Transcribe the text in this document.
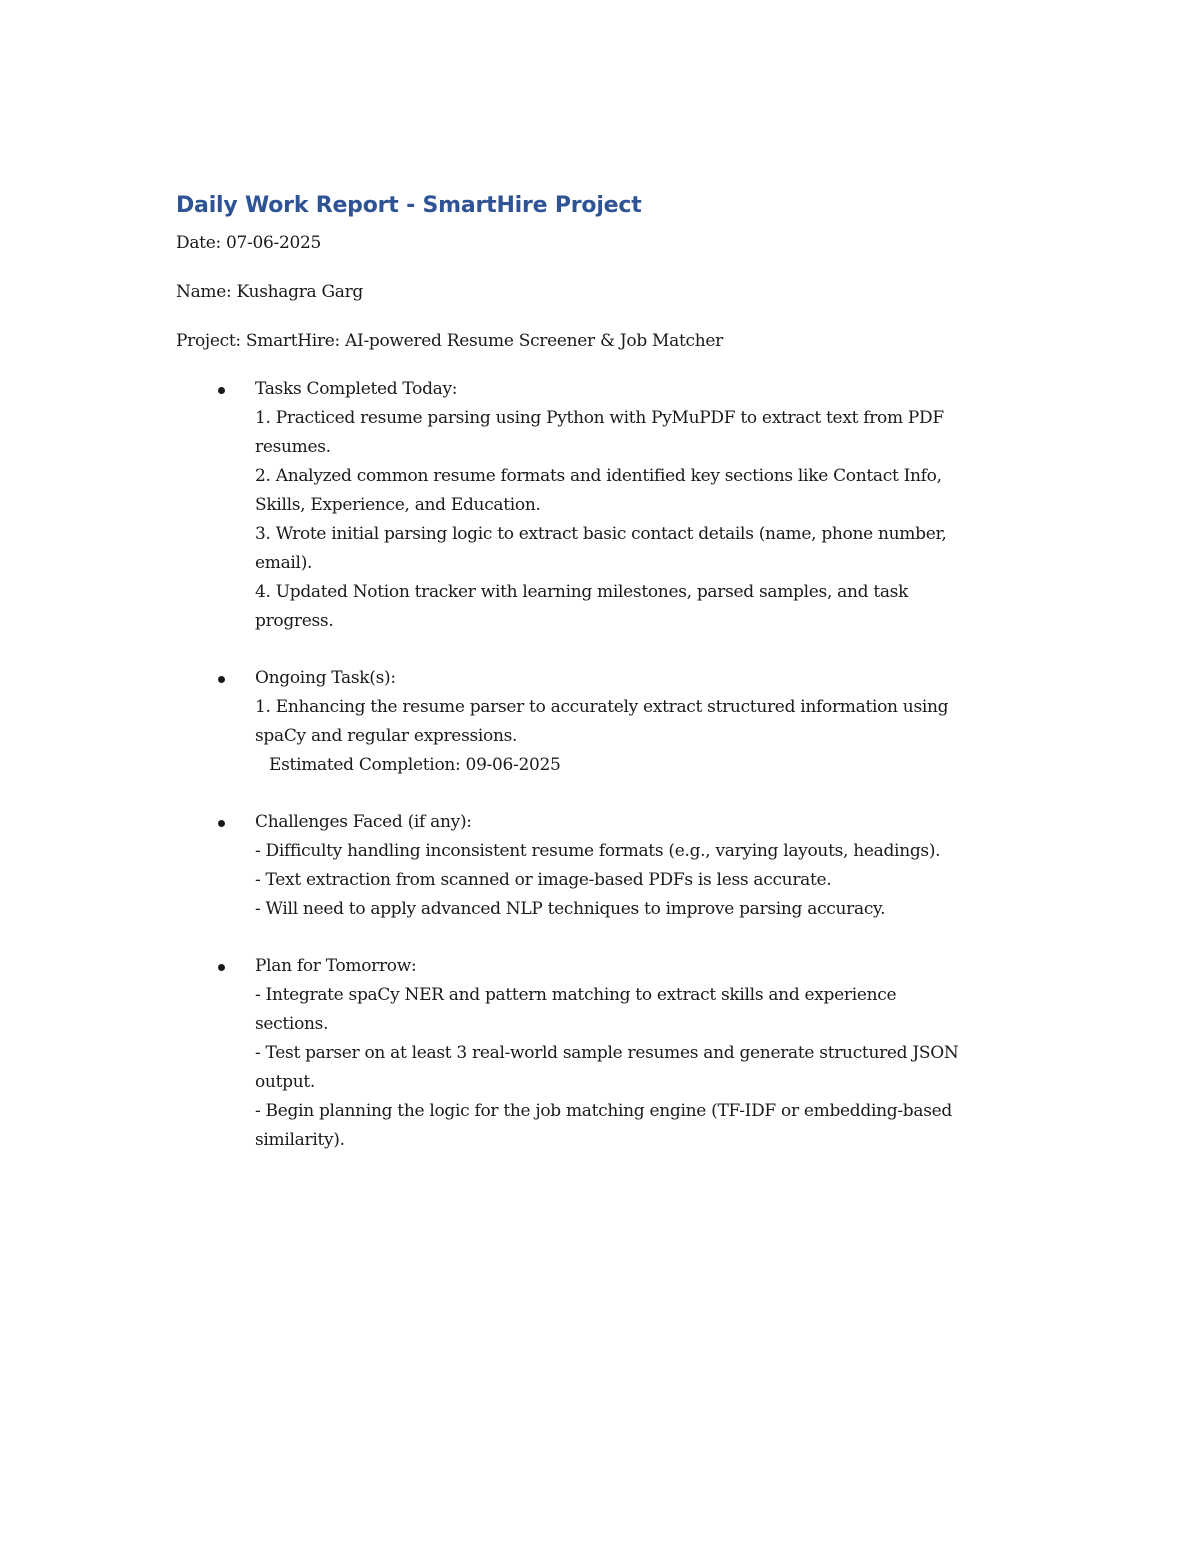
Daily Work Report - SmartHire Project

Date: 07-06-2025

Name: Kushagra Garg

Project: SmartHire: AI-powered Resume Screener & Job Matcher

Tasks Completed Today:

1. Practiced resume parsing using Python with PyMuPDF to extract text from PDF

resumes.

2. Analyzed common resume formats and identified key sections like Contact Info,

Skills, Experience, and Education.

3. Wrote initial parsing logic to extract basic contact details (name, phone number,

email).

4. Updated Notion tracker with learning milestones, parsed samples, and task

progress.

Ongoing Task(s):

1. Enhancing the resume parser to accurately extract structured information using

spaCy and regular expressions.

Estimated Completion: 09-06-2025

Challenges Faced (if any):

- Difficulty handling inconsistent resume formats (e.g., varying layouts, headings).

- Text extraction from scanned or image-based PDFs is less accurate.

- Will need to apply advanced NLP techniques to improve parsing accuracy.

Plan for Tomorrow:

- Integrate spaCy NER and pattern matching to extract skills and experience

sections.

- Test parser on at least 3 real-world sample resumes and generate structured JSON

output.

- Begin planning the logic for the job matching engine (TF-IDF or embedding-based

similarity).
